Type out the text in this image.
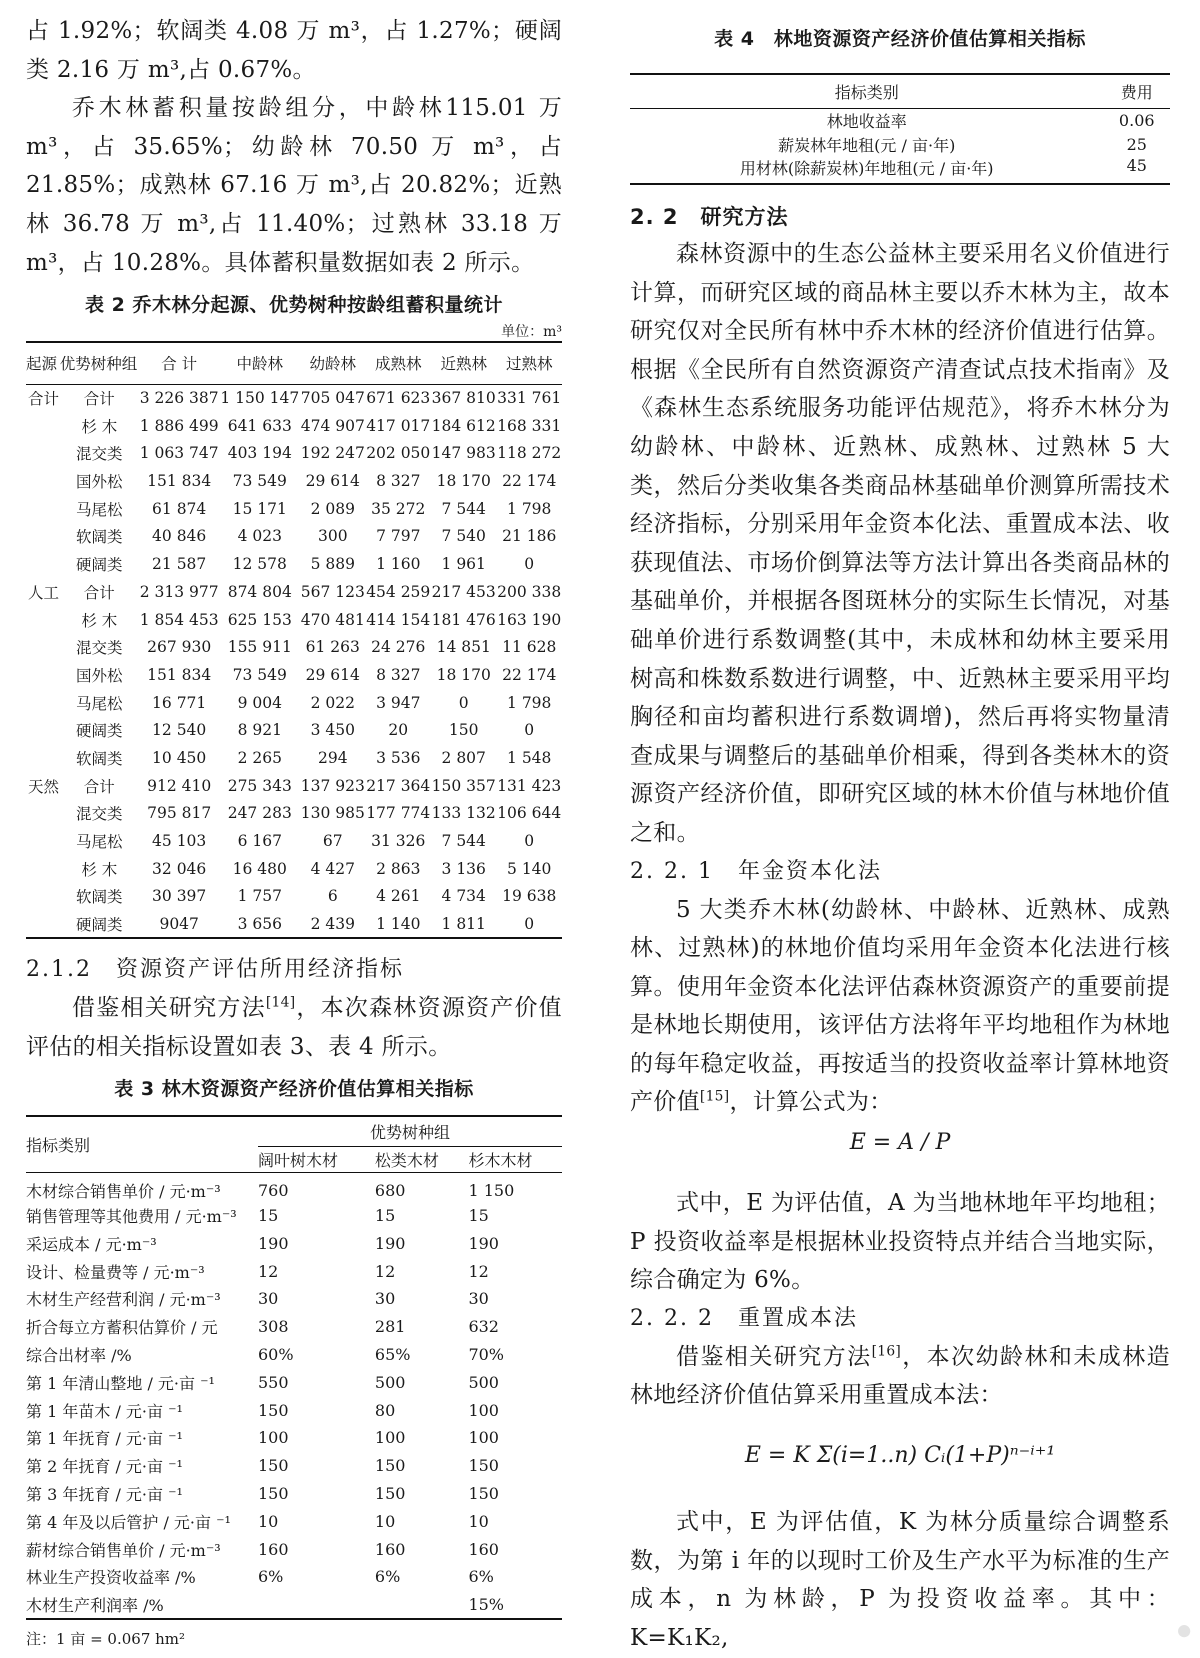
占 1.92%；软阔类 4.08 万 m³，占 1.27%；硬阔类 2.16 万 m³,占 0.67%。
乔木林蓄积量按龄组分，中龄林115.01 万 m³，占 35.65%；幼龄林 70.50 万 m³，占 21.85%；成熟林 67.16 万 m³,占 20.82%；近熟林 36.78 万 m³,占 11.40%；过熟林 33.18 万 m³，占 10.28%。具体蓄积量数据如表 2 所示。
表 2 乔木林分起源、优势树种按龄组蓄积量统计
单位：m³
起源	优势树种组	合 计	中龄林	幼龄林	成熟林	近熟林	过熟林
合计	合计	3 226 387	1 150 147	705 047	671 623	367 810	331 761
	杉 木	1 886 499	641 633	474 907	417 017	184 612	168 331
	混交类	1 063 747	403 194	192 247	202 050	147 983	118 272
	国外松	151 834	73 549	29 614	8 327	18 170	22 174
	马尾松	61 874	15 171	2 089	35 272	7 544	1 798
	软阔类	40 846	4 023	300	7 797	7 540	21 186
	硬阔类	21 587	12 578	5 889	1 160	1 961	0
人工	合计	2 313 977	874 804	567 123	454 259	217 453	200 338
	杉 木	1 854 453	625 153	470 481	414 154	181 476	163 190
	混交类	267 930	155 911	61 263	24 276	14 851	11 628
	国外松	151 834	73 549	29 614	8 327	18 170	22 174
	马尾松	16 771	9 004	2 022	3 947	0	1 798
	硬阔类	12 540	8 921	3 450	20	150	0
	软阔类	10 450	2 265	294	3 536	2 807	1 548
天然	合计	912 410	275 343	137 923	217 364	150 357	131 423
	混交类	795 817	247 283	130 985	177 774	133 132	106 644
	马尾松	45 103	6 167	67	31 326	7 544	0
	杉 木	32 046	16 480	4 427	2 863	3 136	5 140
	软阔类	30 397	1 757	6	4 261	4 734	19 638
	硬阔类	9047	3 656	2 439	1 140	1 811	0
2.1.2　资源资产评估所用经济指标
借鉴相关研究方法[14]，本次森林资源资产价值评估的相关指标设置如表 3、表 4 所示。
表 3 林木资源资产经济价值估算相关指标
指标类别	优势树种组		
	阔叶树木材	松类木材	杉木木材
木材综合销售单价 / 元·m⁻³	760	680	1 150
销售管理等其他费用 / 元·m⁻³	15	15	15
采运成本 / 元·m⁻³	190	190	190
设计、检量费等 / 元·m⁻³	12	12	12
木材生产经营利润 / 元·m⁻³	30	30	30
折合每立方蓄积估算价 / 元	308	281	632
综合出材率 /%	60%	65%	70%
第 1 年清山整地 / 元·亩 ⁻¹	550	500	500
第 1 年苗木 / 元·亩 ⁻¹	150	80	100
第 1 年抚育 / 元·亩 ⁻¹	100	100	100
第 2 年抚育 / 元·亩 ⁻¹	150	150	150
第 3 年抚育 / 元·亩 ⁻¹	150	150	150
第 4 年及以后管护 / 元·亩 ⁻¹	10	10	10
薪材综合销售单价 / 元·m⁻³	160	160	160
林业生产投资收益率 /%	6%	6%	6%
木材生产利润率 /%			15%
注：1 亩 = 0.067 hm²
表 4　林地资源资产经济价值估算相关指标
指标类别	费用
林地收益率	0.06
薪炭林年地租(元 / 亩·年)	25
用材林(除薪炭林)年地租(元 / 亩·年)	45
2. 2　研究方法
森林资源中的生态公益林主要采用名义价值进行计算，而研究区域的商品林主要以乔木林为主，故本研究仅对全民所有林中乔木林的经济价值进行估算。根据《全民所有自然资源资产清查试点技术指南》及《森林生态系统服务功能评估规范》，将乔木林分为幼龄林、中龄林、近熟林、成熟林、过熟林 5 大类，然后分类收集各类商品林基础单价测算所需技术经济指标，分别采用年金资本化法、重置成本法、收获现值法、市场价倒算法等方法计算出各类商品林的基础单价，并根据各图斑林分的实际生长情况，对基础单价进行系数调整(其中，未成林和幼林主要采用树高和株数系数进行调整，中、近熟林主要采用平均胸径和亩均蓄积进行系数调增)，然后再将实物量清查成果与调整后的基础单价相乘，得到各类林木的资源资产经济价值，即研究区域的林木价值与林地价值之和。
2. 2. 1　年金资本化法
5 大类乔木林(幼龄林、中龄林、近熟林、成熟林、过熟林)的林地价值均采用年金资本化法进行核算。使用年金资本化法评估森林资源资产的重要前提是林地长期使用，该评估方法将年平均地租作为林地的每年稳定收益，再按适当的投资收益率计算林地资产价值[15]，计算公式为：
E = A / P
式中，E 为评估值，A 为当地林地年平均地租；P 投资收益率是根据林业投资特点并结合当地实际，综合确定为 6%。
2. 2. 2　重置成本法
借鉴相关研究方法[16]，本次幼龄林和未成林造林地经济价值估算采用重置成本法：
E = K Σ(i=1..n) Cᵢ(1+P)ⁿ⁻ⁱ⁺¹
式中，E 为评估值，K 为林分质量综合调整系数，为第 i 年的以现时工价及生产水平为标准的生产成本，n 为林龄，P 为投资收益率。其中：K=K₁K₂,	●
